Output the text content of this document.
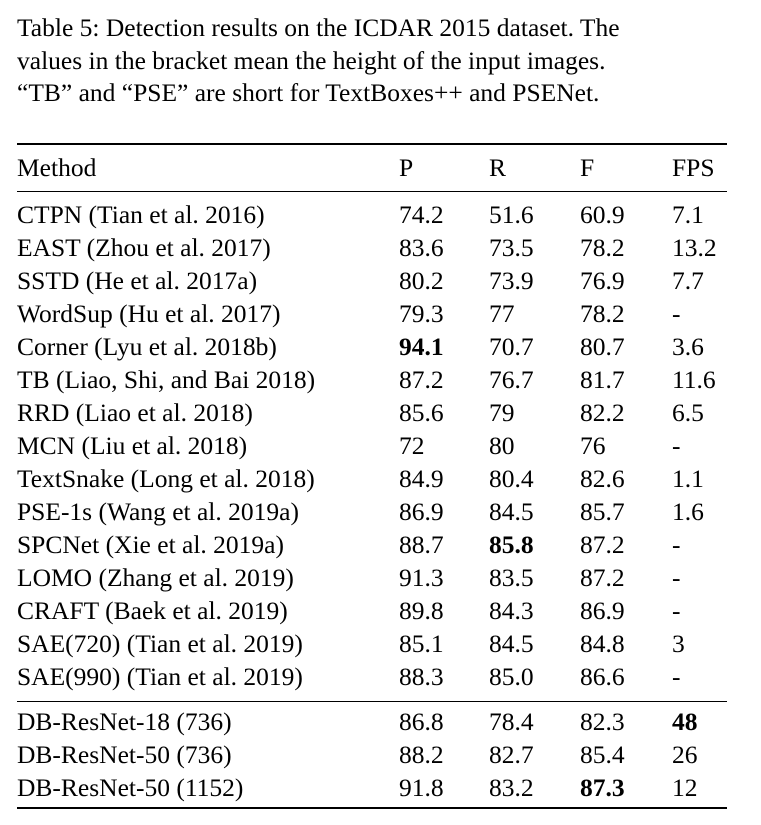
Table 5: Detection results on the ICDAR 2015 dataset. The
values in the bracket mean the height of the input images.
“TB” and “PSE” are short for TextBoxes++ and PSENet.
Method	P	R	F	FPS
CTPN (Tian et al. 2016)	74.2 51.6 60.9 7.1
EAST (Zhou et al. 2017)	83.6 73.5 78.2 13.2
SSTD (He et al. 2017a)	80.2 73.9 76.9 7.7
WordSup (Hu et al. 2017)	79.3 77	78.2 -
Corner (Lyu et al. 2018b)	94.1 70.7 80.7 3.6
TB (Liao, Shi, and Bai 2018)	87.2 76.7 81.7 11.6
RRD (Liao et al. 2018)	85.6 79	82.2 6.5
MCN (Liu et al. 2018)	72	80	76	-
TextSnake (Long et al. 2018)	84.9 80.4 82.6 1.1
PSE-1s (Wang et al. 2019a)	86.9 84.5 85.7 1.6
SPCNet (Xie et al. 2019a)	88.7 85.8 87.2 -
LOMO (Zhang et al. 2019)	91.3 83.5 87.2 -
CRAFT (Baek et al. 2019)	89.8 84.3 86.9 -
SAE(720) (Tian et al. 2019)	85.1 84.5 84.8 3
SAE(990) (Tian et al. 2019)	88.3 85.0 86.6 -
DB-ResNet-18 (736)	86.8 78.4 82.3 48
DB-ResNet-50 (736)	88.2 82.7 85.4 26
DB-ResNet-50 (1152)	91.8 83.2 87.3 12
